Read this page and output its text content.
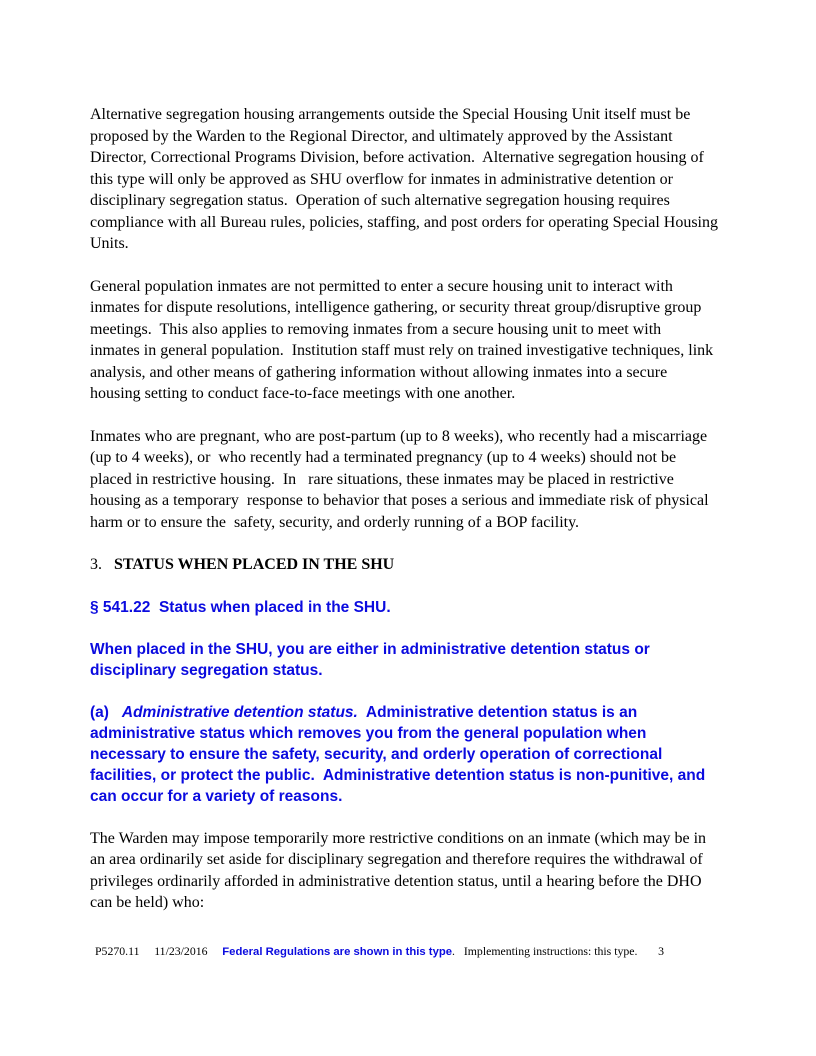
Alternative segregation housing arrangements outside the Special Housing Unit itself must be proposed by the Warden to the Regional Director, and ultimately approved by the Assistant Director, Correctional Programs Division, before activation.  Alternative segregation housing of this type will only be approved as SHU overflow for inmates in administrative detention or disciplinary segregation status.  Operation of such alternative segregation housing requires compliance with all Bureau rules, policies, staffing, and post orders for operating Special Housing Units.
General population inmates are not permitted to enter a secure housing unit to interact with inmates for dispute resolutions, intelligence gathering, or security threat group/disruptive group meetings.  This also applies to removing inmates from a secure housing unit to meet with  inmates in general population.  Institution staff must rely on trained investigative techniques, link analysis, and other means of gathering information without allowing inmates into a secure housing setting to conduct face-to-face meetings with one another.
Inmates who are pregnant, who are post-partum (up to 8 weeks), who recently had a miscarriage (up to 4 weeks), or  who recently had a terminated pregnancy (up to 4 weeks) should not be placed in restrictive housing.  In   rare situations, these inmates may be placed in restrictive housing as a temporary  response to behavior that poses a serious and immediate risk of physical harm or to ensure the  safety, security, and orderly running of a BOP facility.
3. STATUS WHEN PLACED IN THE SHU
§ 541.22  Status when placed in the SHU.
When placed in the SHU, you are either in administrative detention status or disciplinary segregation status.
(a)   Administrative detention status.  Administrative detention status is an administrative status which removes you from the general population when necessary to ensure the safety, security, and orderly operation of correctional facilities, or protect the public.  Administrative detention status is non-punitive, and can occur for a variety of reasons.
The Warden may impose temporarily more restrictive conditions on an inmate (which may be in an area ordinarily set aside for disciplinary segregation and therefore requires the withdrawal of privileges ordinarily afforded in administrative detention status, until a hearing before the DHO can be held) who:
P5270.11 11/23/2016 Federal Regulations are shown in this type.   Implementing instructions: this type. 3
